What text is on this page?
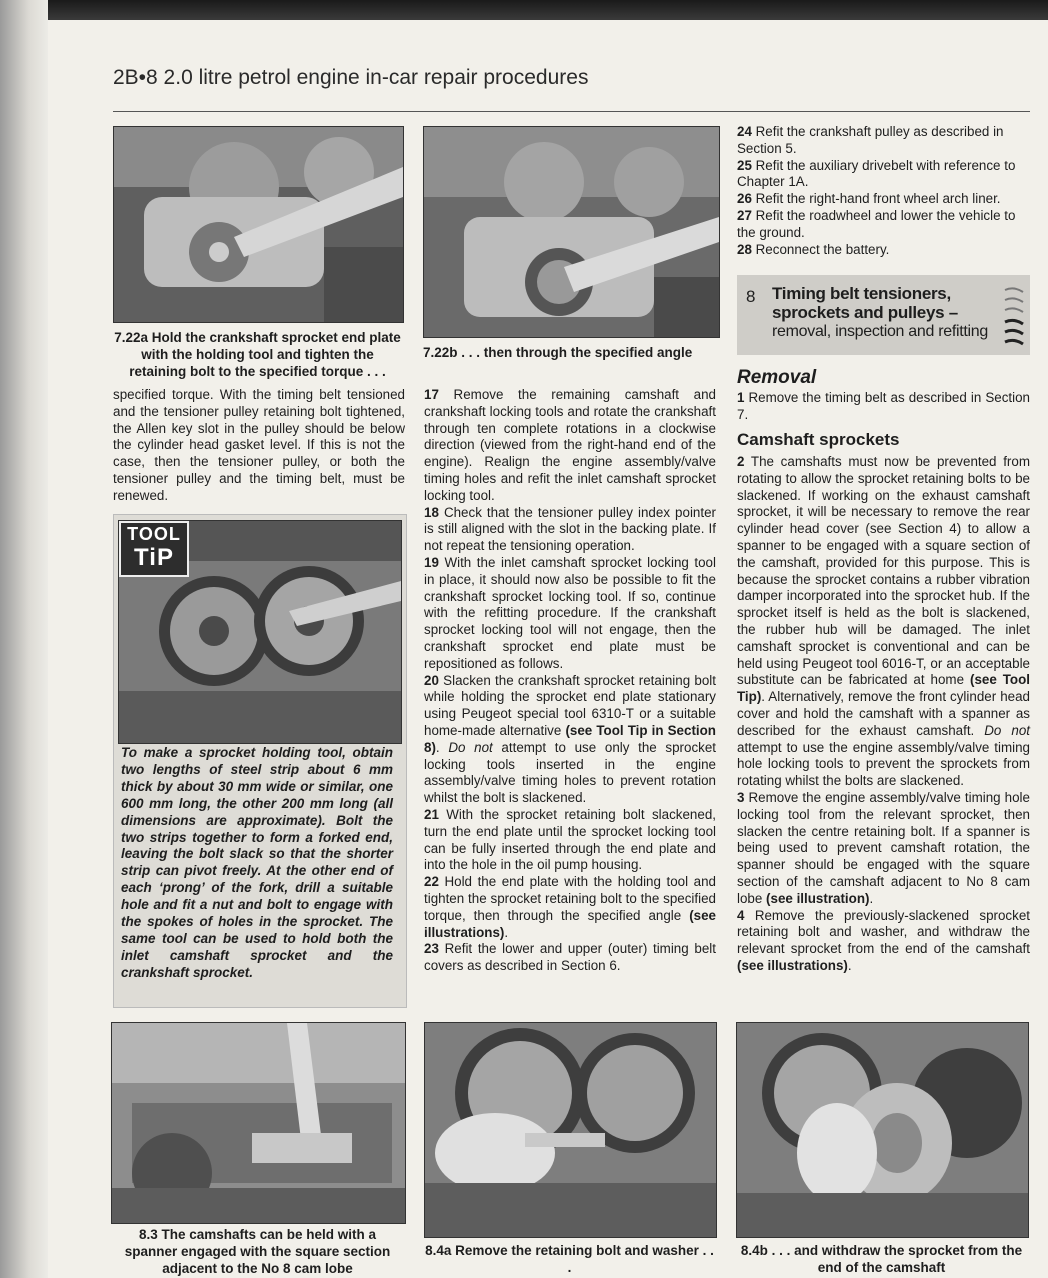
2B•8 2.0 litre petrol engine in-car repair procedures
7.22a Hold the crankshaft sprocket end plate with the holding tool and tighten the retaining bolt to the specified torque . . .
7.22b . . . then through the specified angle

specified torque. With the timing belt tensioned and the tensioner pulley retaining bolt tightened, the Allen key slot in the pulley should be below the cylinder head gasket level. If this is not the case, then the tensioner pulley, or both the tensioner pulley and the timing belt, must be renewed.

TOOL
TiP
To make a sprocket holding tool, obtain two lengths of steel strip about 6 mm thick by about 30 mm wide or similar, one 600 mm long, the other 200 mm long (all dimensions are approximate). Bolt the two strips together to form a forked end, leaving the bolt slack so that the shorter strip can pivot freely. At the other end of each ‘prong’ of the fork, drill a suitable hole and fit a nut and bolt to engage with the spokes of holes in the sprocket. The same tool can be used to hold both the inlet camshaft sprocket and the crankshaft sprocket.

17 Remove the remaining camshaft and crankshaft locking tools and rotate the crankshaft through ten complete rotations in a clockwise direction (viewed from the right-hand end of the engine). Realign the engine assembly/valve timing holes and refit the inlet camshaft sprocket locking tool.

18 Check that the tensioner pulley index pointer is still aligned with the slot in the backing plate. If not repeat the tensioning operation.

19 With the inlet camshaft sprocket locking tool in place, it should now also be possible to fit the crankshaft sprocket locking tool. If so, continue with the refitting procedure. If the crankshaft sprocket locking tool will not engage, then the crankshaft sprocket end plate must be repositioned as follows.

20 Slacken the crankshaft sprocket retaining bolt while holding the sprocket end plate stationary using Peugeot special tool 6310-T or a suitable home-made alternative (see Tool Tip in Section 8). Do not attempt to use only the sprocket locking tools inserted in the engine assembly/valve timing holes to prevent rotation whilst the bolt is slackened.

21 With the sprocket retaining bolt slackened, turn the end plate until the sprocket locking tool can be fully inserted through the end plate and into the hole in the oil pump housing.

22 Hold the end plate with the holding tool and tighten the sprocket retaining bolt to the specified torque, then through the specified angle (see illustrations).

23 Refit the lower and upper (outer) timing belt covers as described in Section 6.

24 Refit the crankshaft pulley as described in Section 5.

25 Refit the auxiliary drivebelt with reference to Chapter 1A.

26 Refit the right-hand front wheel arch liner.

27 Refit the roadwheel and lower the vehicle to the ground.

28 Reconnect the battery.

8 Timing belt tensioners,
sprockets and pulleys –
removal, inspection and refitting
Removal

1 Remove the timing belt as described in Section 7.

Camshaft sprockets

2 The camshafts must now be prevented from rotating to allow the sprocket retaining bolts to be slackened. If working on the exhaust camshaft sprocket, it will be necessary to remove the rear cylinder head cover (see Section 4) to allow a spanner to be engaged with a square section of the camshaft, provided for this purpose. This is because the sprocket contains a rubber vibration damper incorporated into the sprocket hub. If the sprocket itself is held as the bolt is slackened, the rubber hub will be damaged. The inlet camshaft sprocket is conventional and can be held using Peugeot tool 6016-T, or an acceptable substitute can be fabricated at home (see Tool Tip). Alternatively, remove the front cylinder head cover and hold the camshaft with a spanner as described for the exhaust camshaft. Do not attempt to use the engine assembly/valve timing hole locking tools to prevent the sprockets from rotating whilst the bolts are slackened.

3 Remove the engine assembly/valve timing hole locking tool from the relevant sprocket, then slacken the centre retaining bolt. If a spanner is being used to prevent camshaft rotation, the spanner should be engaged with the square section of the camshaft adjacent to No 8 cam lobe (see illustration).

4 Remove the previously-slackened sprocket retaining bolt and washer, and withdraw the relevant sprocket from the end of the camshaft (see illustrations).

8.3 The camshafts can be held with a spanner engaged with the square section adjacent to the No 8 cam lobe
8.4a Remove the retaining bolt and washer . . .
8.4b . . . and withdraw the sprocket from the end of the camshaft
